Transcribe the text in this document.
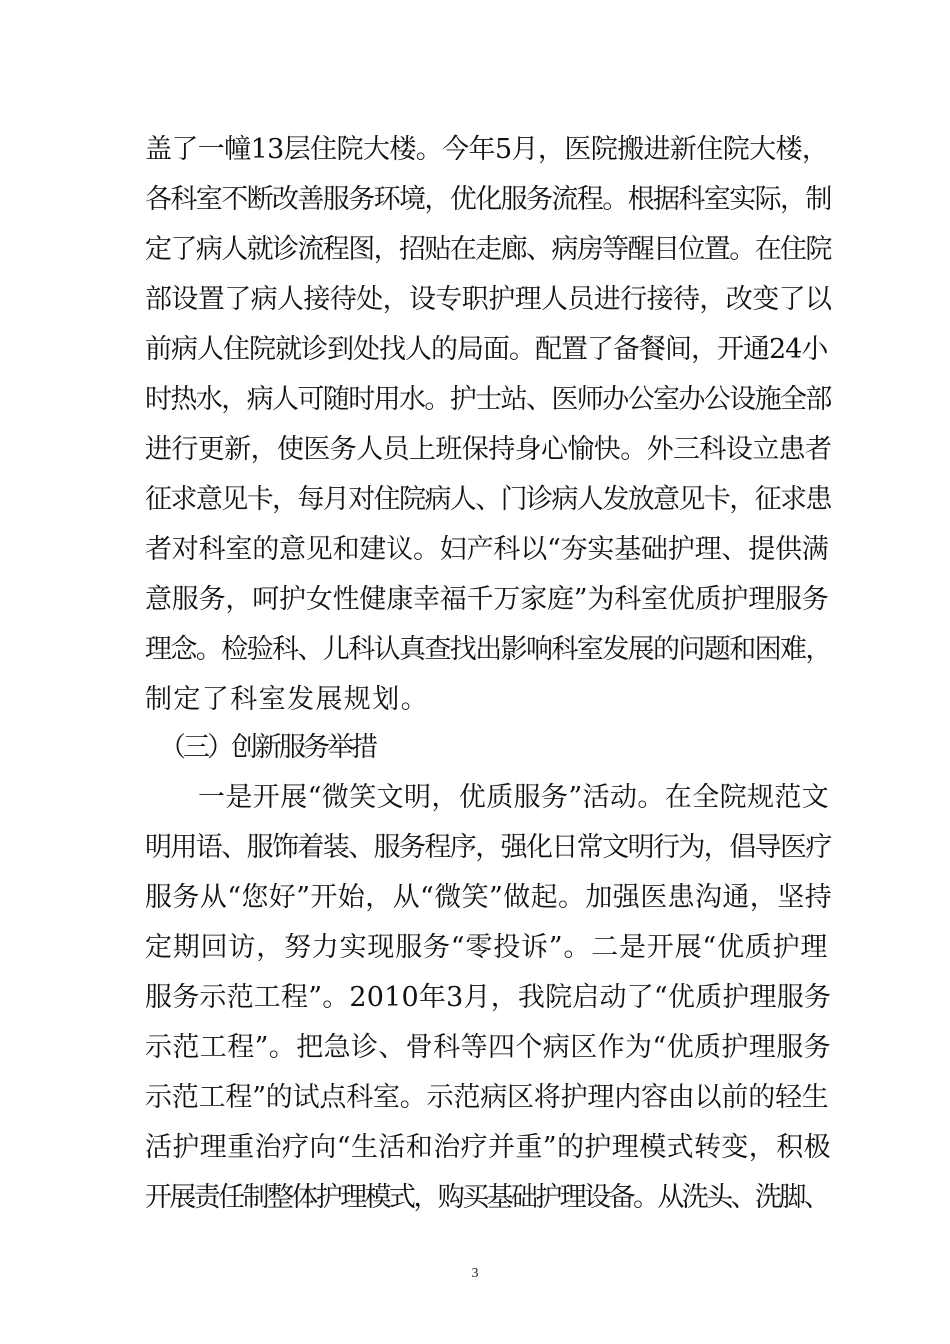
盖了一幢13层住院大楼。今年5月，医院搬进新住院大楼，

各科室不断改善服务环境，优化服务流程。根据科室实际，制

定了病人就诊流程图，招贴在走廊、病房等醒目位置。在住院

部设置了病人接待处，设专职护理人员进行接待，改变了以

前病人住院就诊到处找人的局面。配置了备餐间，开通24小

时热水，病人可随时用水。护士站、医师办公室办公设施全部

进行更新，使医务人员上班保持身心愉快。外三科设立患者

征求意见卡，每月对住院病人、门诊病人发放意见卡，征求患

者对科室的意见和建议。妇产科以“夯实基础护理、提供满

意服务，呵护女性健康幸福千万家庭”为科室优质护理服务

理念。检验科、儿科认真查找出影响科室发展的问题和困难，

制定了科室发展规划。

（三）创新服务举措

一是开展“微笑文明，优质服务”活动。在全院规范文

明用语、服饰着装、服务程序，强化日常文明行为，倡导医疗

服务从“您好”开始，从“微笑”做起。加强医患沟通，坚持

定期回访，努力实现服务“零投诉”。二是开展“优质护理

服务示范工程”。2010年3月，我院启动了“优质护理服务

示范工程”。把急诊、骨科等四个病区作为“优质护理服务

示范工程”的试点科室。示范病区将护理内容由以前的轻生

活护理重治疗向“生活和治疗并重”的护理模式转变，积极

开展责任制整体护理模式，购买基础护理设备。从洗头、洗脚、

3
